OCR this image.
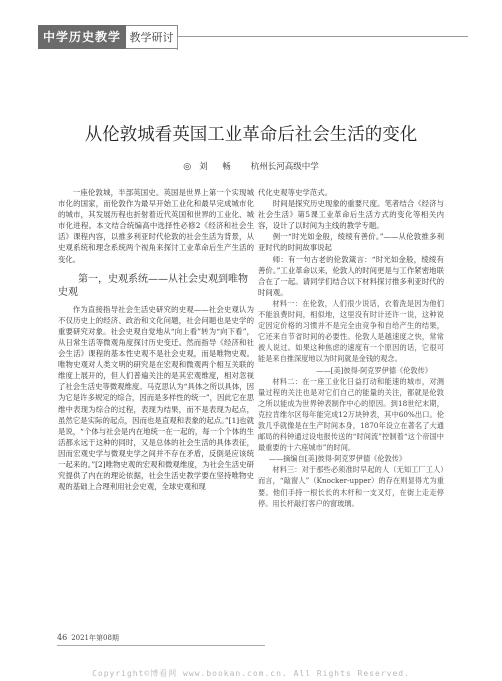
中学历史教学 教学研讨
从伦敦城看英国工业革命后社会生活的变化
◎ 刘 畅 杭州长河高级中学

一座伦敦城，半部英国史。英国是世界上第一个实现城市化的国家，而伦敦作为最早开始工业化和最早完成城市化的城市，其发展历程也折射着近代英国和世界的工业化、城市化进程。本文结合统编高中选择性必修2《经济和社会生活》课程内容，以推多利亚时代伦敦的社会生活为背景，从史观系统和理念系统两个视角来探讨工业革命后生产生活的变化。

第一，史观系统——从社会史观到唯物史观

作为直接指导社会生活史研究的史观——社会史观认为不仅历史上的经济、政治和文化问题，社会问题也是史学的重要研究对象。社会史观自觉地从“向上看”转为“向下看”，从日常生活等微观角度探讨历史变迁。然而指导《经济和社会生活》课程的基本性史观不是社会史观，而是唯物史观。唯物史观对人类文明的研究是在宏观和微观两个相互关联的维度上展开的，但人们普遍关注的是其宏观维度，相对忽视了社会生活史等微观维度。马克思认为“具体之所以具体，因为它是许多规定的综合，因而是多样性的统一”，因此它在思维中表现为综合的过程，表现为结果，而不是表现为起点，虽然它是实际的起点，因而也是直观和表象的起点。”[1]也就是说，“个体与社会是内在地统一在一起的，每一个个体的生活都永远于这种的同时，又是总体的社会生活的具体表征，因而宏观史学与微观史学之间并不存在矛盾，反倒是应该统一起来的。”[2]唯物史观的宏观和微观维度，为社会生活史研究提供了内在的理论依据，社会生活史教学要在坚持唯物史观的基础上合理利用社会史观，全球史观和现

代化史观等史学范式。

时间是探究历史现象的重要尺度。笔者结合《经济与社会生活》第5课工业革命后生活方式的变化等相关内容，设计了以时间为主线的教学专题。

例一“时光如金般，绫绫有善价。”——从伦敦推多利亚时代的时间故事说起

师：有一句古老的伦敦箴言：“时光如金般，绫绫有善价。”工业革命以来，伦敦人的时间更是与工作紧密地联合在了一起。请同学们结合以下材料探讨推多利亚时代的时间观。

材料一：在伦敦，人们很少说话，衣着洗是因为他们不能浪费时间，相似地，这里没有时计还许一说，这种说定因定价格的习惯并不是完全由竞争和自给产生的结果，它还来自节省时间的必要性。伦敦人是越速度之快，常常被人说过。如果这种焦虑的速度有一个原因的话，它很可能是来自推深度地以为时间就是金钱的观念。

——[美]彼得·阿克罗伊德《伦敦传》

材料二：在一座工业化日益打动和能速的城市，对测量过程的关注也是对它们自己的能量的关注，都就是伦敦之所以能成为世界钟表制作中心的原因。到18世纪末期，克拉肯维尔区每年能完成12万块钟表，其中60%出口。伦敦几乎就像是在生产时间本身，1870年设立在著名了大通邮局的科钟通过设电报传送的“时间流”控制着“这个帝国中最重要的十六座城市”的时间。

——摘编自[美]彼得·阿克罗伊德《伦敦传》

材料三：对于那些必须准时早起的人（无知工厂工人）而言，“敲窗人”（Knocker-upper）的存在则显得尤为重要。他们手持一根长长的木杆和一支叉灯，在街上走走停停。用长杆敲打客户的窗玻璃。

46 2021年第08期
Copyright©博看网 www.bookan.com.cn. All Rights Reserved.
